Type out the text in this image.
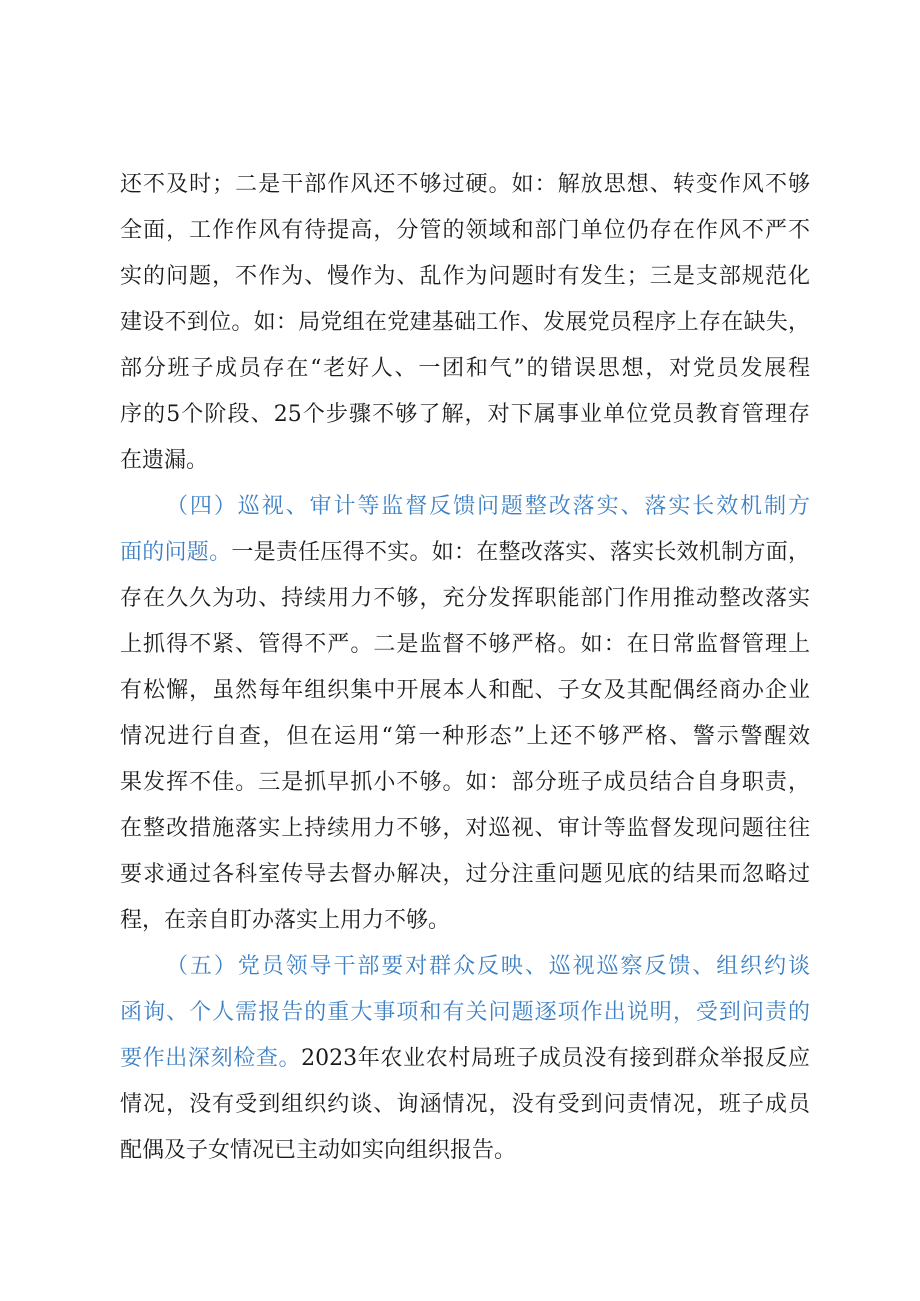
还不及时；二是干部作风还不够过硬。如：解放思想、转变作风不够
全面，工作作风有待提高，分管的领域和部门单位仍存在作风不严不
实的问题，不作为、慢作为、乱作为问题时有发生；三是支部规范化
建设不到位。如：局党组在党建基础工作、发展党员程序上存在缺失，
部分班子成员存在“老好人、一团和气”的错误思想，对党员发展程
序的5个阶段、25个步骤不够了解，对下属事业单位党员教育管理存
在遗漏。
（四）巡视、审计等监督反馈问题整改落实、落实长效机制方
面的问题。一是责任压得不实。如：在整改落实、落实长效机制方面，
存在久久为功、持续用力不够，充分发挥职能部门作用推动整改落实
上抓得不紧、管得不严。二是监督不够严格。如：在日常监督管理上
有松懈，虽然每年组织集中开展本人和配、子女及其配偶经商办企业
情况进行自查，但在运用“第一种形态”上还不够严格、警示警醒效
果发挥不佳。三是抓早抓小不够。如：部分班子成员结合自身职责，
在整改措施落实上持续用力不够，对巡视、审计等监督发现问题往往
要求通过各科室传导去督办解决，过分注重问题见底的结果而忽略过
程，在亲自盯办落实上用力不够。
（五）党员领导干部要对群众反映、巡视巡察反馈、组织约谈
函询、个人需报告的重大事项和有关问题逐项作出说明，受到问责的
要作出深刻检查。2023年农业农村局班子成员没有接到群众举报反应
情况，没有受到组织约谈、询涵情况，没有受到问责情况，班子成员
配偶及子女情况已主动如实向组织报告。
